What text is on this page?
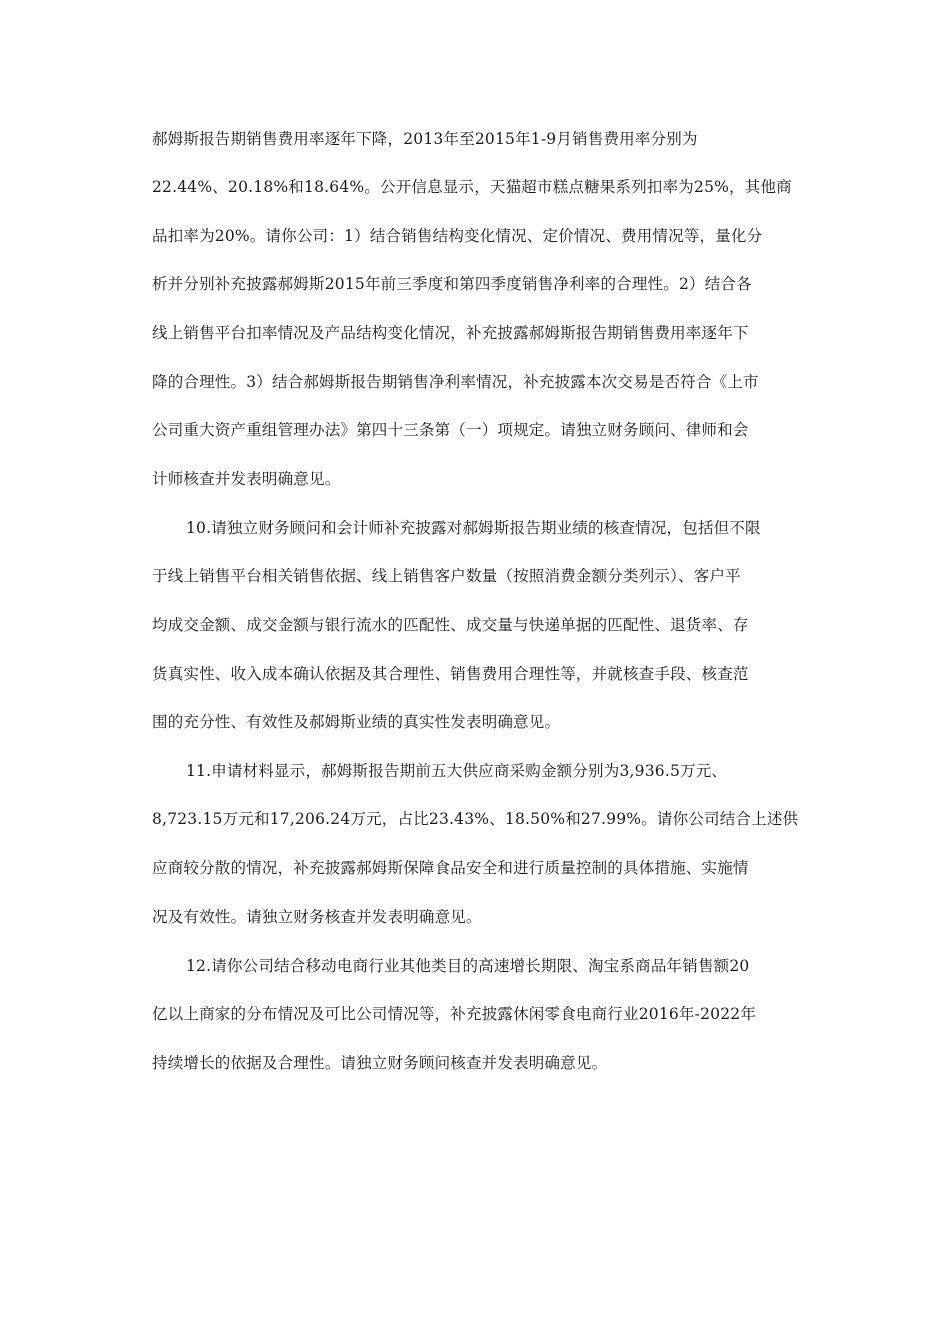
郝姆斯报告期销售费用率逐年下降，2013年至2015年1-9月销售费用率分别为
22.44%、20.18%和18.64%。公开信息显示，天猫超市糕点糖果系列扣率为25%，其他商
品扣率为20%。请你公司：1）结合销售结构变化情况、定价情况、费用情况等，量化分
析并分别补充披露郝姆斯2015年前三季度和第四季度销售净利率的合理性。2）结合各
线上销售平台扣率情况及产品结构变化情况，补充披露郝姆斯报告期销售费用率逐年下
降的合理性。3）结合郝姆斯报告期销售净利率情况，补充披露本次交易是否符合《上市
公司重大资产重组管理办法》第四十三条第（一）项规定。请独立财务顾问、律师和会
计师核查并发表明确意见。
10.请独立财务顾问和会计师补充披露对郝姆斯报告期业绩的核查情况，包括但不限
于线上销售平台相关销售依据、线上销售客户数量（按照消费金额分类列示）、客户平
均成交金额、成交金额与银行流水的匹配性、成交量与快递单据的匹配性、退货率、存
货真实性、收入成本确认依据及其合理性、销售费用合理性等，并就核查手段、核查范
围的充分性、有效性及郝姆斯业绩的真实性发表明确意见。
11.申请材料显示，郝姆斯报告期前五大供应商采购金额分别为3,936.5万元、
8,723.15万元和17,206.24万元，占比23.43%、18.50%和27.99%。请你公司结合上述供
应商较分散的情况，补充披露郝姆斯保障食品安全和进行质量控制的具体措施、实施情
况及有效性。请独立财务核查并发表明确意见。
12.请你公司结合移动电商行业其他类目的高速增长期限、淘宝系商品年销售额20
亿以上商家的分布情况及可比公司情况等，补充披露休闲零食电商行业2016年-2022年
持续增长的依据及合理性。请独立财务顾问核查并发表明确意见。
